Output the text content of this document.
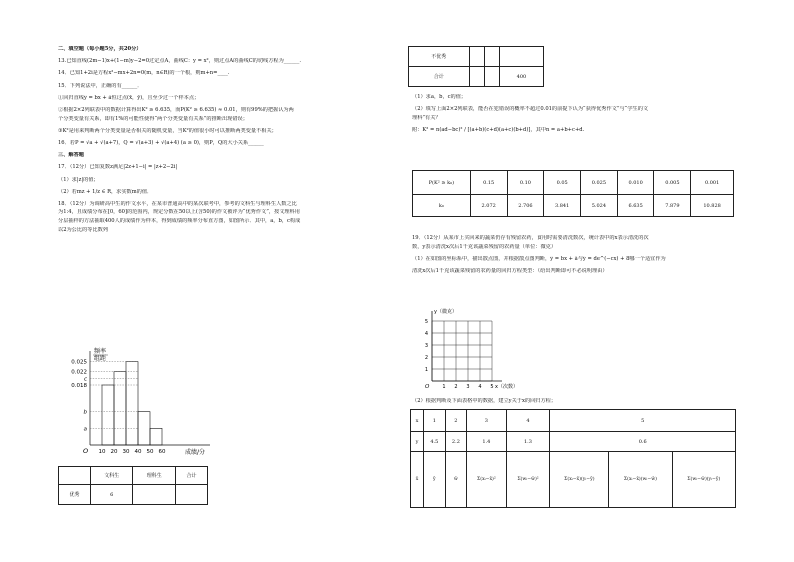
二、填空题（每小题5分，共20分）
13.已知直线(2m−1)x+(1−m)y−2=0过定点A，曲线C：y = x²，则过点A的曲线C的切线方程为______.
14．已知1+2i是方程x²−mx+2n=0(m，n∈R)的一个根，则m+n=____.
15．下列说法中，正确的有______．
①回归直线ŷ = b̂x + â恒过点(x̄，ȳ)，且至少过一个样本点；
②根据2×2列联表中的数据计算得出K² ≥ 6.635，而P(K² ≥ 6.635) ≈ 0.01，则有99%的把握认为两
个分类变量有关系，即有1%的可能性使得“两个分类变量有关系”的推断出现错误；
③K²是用来判断两个分类变量是否相关的随机变量，当K²的值很小时可以推断两类变量不相关；
16．若P = √a + √(a+7)，Q = √(a+3) + √(a+4) (a ≥ 0)，则P，Q的大小关系______
三、解答题
17．（12分）已知复数z满足|2z+1−i| = |z+2−2i|
（1）求|z|的值；
（2）若mz + 1/z ∈ R，求实数m的值．
18．（12分）为调研高中生的作文水平，在某市普通高中的某次联考中，参考的文科生与理科生人数之比
为1:4，且成绩分布在[0，60]的范围内，规定分数在50以上(含50)的作文被评为“优秀作文”，按文理科用
分层抽样的方法抽取400人的成绩作为样本，得到成绩的频率分布直方图，如图所示．其中，a，b，c构成
以2为公比的等比数列
O
频率
组距
成绩/分
0.025
0.022
c
0.018
b
a
10 20 30 40 50 60
	文科生	理科生	合计
优秀	6		
不优秀			
合计			400
（1）求a，b，c的值；
（2）填写上面2×2列联表，能否在犯错误的概率不超过0.01的前提下认为“获得优秀作文”与“学生的文
理科”有关？
附：K² = n(ad−bc)² / [(a+b)(c+d)(a+c)(b+d)]，其中n = a+b+c+d.
P(K² ≥ k₀)	0.15	0.10	0.05	0.025	0.010	0.005	0.001
k₀	2.072	2.706	3.841	5.024	6.635	7.879	10.828
19．（12分）从某市上买回来的蔬菜仍存有残留农药，食用时需要清洗数次，统计表中的x表示清洗的次
数，y表示清洗x次后1千克该蔬菜残留的农药量（单位：微克）
（1）在如图的坐标系中，描出散点图，并根据散点图判断，ŷ = b̂x + â与ŷ = de^(−cx) + 8哪一个适宜作为
清洗x次后1千克该蔬菜残留的农药量的回归方程类型：（给出判断即可不必说明理由）
y（微克）
x（次数）
O	1 2 3 4 5
1
2
3
4
5
（2）根据判断及下面表格中的数据，建立y关于x的回归方程；
x	1	2	3	4	5		
y	4.5	2.2	1.4	1.3	0.6		
x̄	ȳ	w̄	Σ(xᵢ−x̄)²	Σ(wᵢ−w̄)²	Σ(xᵢ−x̄)(yᵢ−ȳ)	Σ(xᵢ−x̄)(wᵢ−w̄)	Σ(wᵢ−w̄)(yᵢ−ȳ)
